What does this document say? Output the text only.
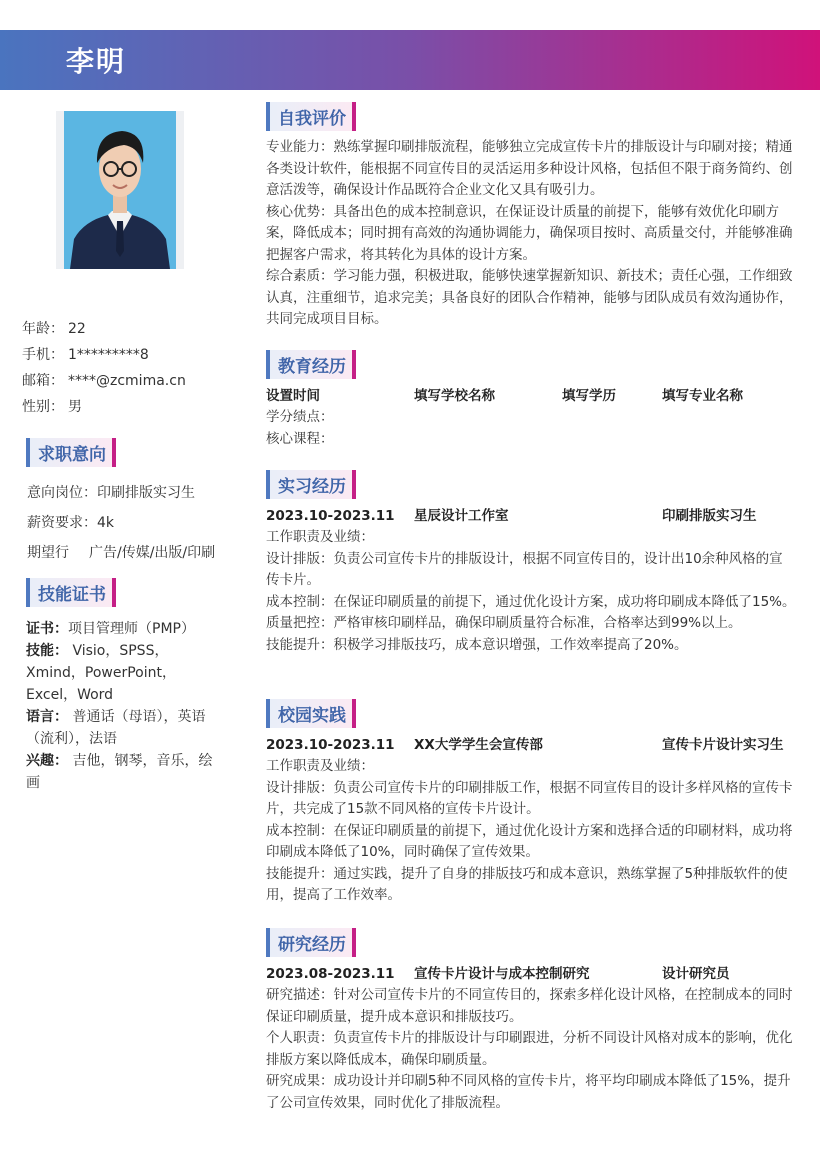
李明
年龄： 22
手机： 1*********8
邮箱： ****@zcmima.cn
性别： 男
求职意向
意向岗位：印刷排版实习生
薪资要求：4k
期望行 广告/传媒/出版/印刷
技能证书
证书：项目管理师（PMP）
技能： Visio，SPSS，Xmind，PowerPoint，Excel，Word
语言： 普通话（母语），英语（流利），法语
兴趣： 吉他，钢琴，音乐，绘画
自我评价
专业能力：熟练掌握印刷排版流程，能够独立完成宣传卡片的排版设计与印刷对接；精通各类设计软件，能根据不同宣传目的灵活运用多种设计风格，包括但不限于商务简约、创意活泼等，确保设计作品既符合企业文化又具有吸引力。
核心优势：具备出色的成本控制意识，在保证设计质量的前提下，能够有效优化印刷方案，降低成本；同时拥有高效的沟通协调能力，确保项目按时、高质量交付，并能够准确把握客户需求，将其转化为具体的设计方案。
综合素质：学习能力强，积极进取，能够快速掌握新知识、新技术；责任心强，工作细致认真，注重细节，追求完美；具备良好的团队合作精神，能够与团队成员有效沟通协作，共同完成项目目标。
教育经历
设置时间	填写学校名称	填写学历	填写专业名称
学分绩点：
核心课程：
实习经历
2023.10-2023.11	星辰设计工作室	印刷排版实习生
工作职责及业绩：
设计排版：负责公司宣传卡片的排版设计，根据不同宣传目的，设计出10余种风格的宣传卡片。
成本控制：在保证印刷质量的前提下，通过优化设计方案，成功将印刷成本降低了15%。
质量把控：严格审核印刷样品，确保印刷质量符合标准，合格率达到99%以上。
技能提升：积极学习排版技巧，成本意识增强，工作效率提高了20%。
校园实践
2023.10-2023.11	XX大学学生会宣传部	宣传卡片设计实习生
工作职责及业绩：
设计排版：负责公司宣传卡片的印刷排版工作，根据不同宣传目的设计多样风格的宣传卡片，共完成了15款不同风格的宣传卡片设计。
成本控制：在保证印刷质量的前提下，通过优化设计方案和选择合适的印刷材料，成功将印刷成本降低了10%，同时确保了宣传效果。
技能提升：通过实践，提升了自身的排版技巧和成本意识，熟练掌握了5种排版软件的使用，提高了工作效率。
研究经历
2023.08-2023.11	宣传卡片设计与成本控制研究	设计研究员
研究描述：针对公司宣传卡片的不同宣传目的，探索多样化设计风格，在控制成本的同时保证印刷质量，提升成本意识和排版技巧。
个人职责：负责宣传卡片的排版设计与印刷跟进，分析不同设计风格对成本的影响，优化排版方案以降低成本，确保印刷质量。
研究成果：成功设计并印刷5种不同风格的宣传卡片，将平均印刷成本降低了15%，提升了公司宣传效果，同时优化了排版流程。
